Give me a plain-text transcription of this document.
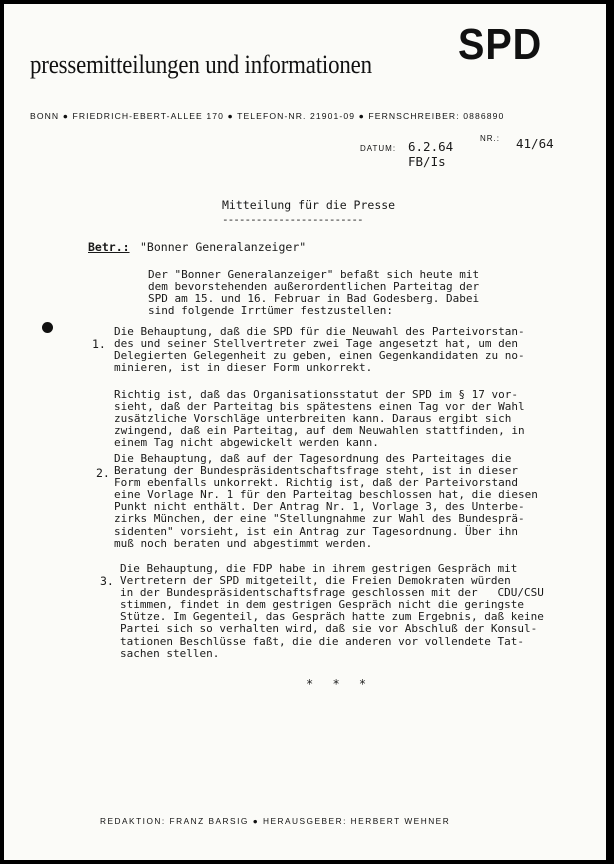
SPD
pressemitteilungen und informationen
BONN ● FRIEDRICH-EBERT-ALLEE 170 ● TELEFON-NR. 21901-09 ● FERNSCHREIBER: 0886890
DATUM: 6.2.64
FB/Is
NR.: 41/64
Mitteilung für die Presse
-------------------------
Betr.: "Bonner Generalanzeiger"
Der "Bonner Generalanzeiger" befaßt sich heute mit
dem bevorstehenden außerordentlichen Parteitag der
SPD am 15. und 16. Februar in Bad Godesberg. Dabei
sind folgende Irrtümer festzustellen:
1.
Die Behauptung, daß die SPD für die Neuwahl des Parteivorstan-
des und seiner Stellvertreter zwei Tage angesetzt hat, um den
Delegierten Gelegenheit zu geben, einen Gegenkandidaten zu no-
minieren, ist in dieser Form unkorrekt.
Richtig ist, daß das Organisationsstatut der SPD im § 17 vor-
sieht, daß der Parteitag bis spätestens einen Tag vor der Wahl
zusätzliche Vorschläge unterbreiten kann. Daraus ergibt sich
zwingend, daß ein Parteitag, auf dem Neuwahlen stattfinden, in
einem Tag nicht abgewickelt werden kann.
2.
Die Behauptung, daß auf der Tagesordnung des Parteitages die
Beratung der Bundespräsidentschaftsfrage steht, ist in dieser
Form ebenfalls unkorrekt. Richtig ist, daß der Parteivorstand
eine Vorlage Nr. 1 für den Parteitag beschlossen hat, die diesen
Punkt nicht enthält. Der Antrag Nr. 1, Vorlage 3, des Unterbe-
zirks München, der eine "Stellungnahme zur Wahl des Bundesprä-
sidenten" vorsieht, ist ein Antrag zur Tagesordnung. Über ihn
muß noch beraten und abgestimmt werden.
3.
Die Behauptung, die FDP habe in ihrem gestrigen Gespräch mit
Vertretern der SPD mitgeteilt, die Freien Demokraten würden
in der Bundespräsidentschaftsfrage geschlossen mit der   CDU/CSU
stimmen, findet in dem gestrigen Gespräch nicht die geringste
Stütze. Im Gegenteil, das Gespräch hatte zum Ergebnis, daß keine
Partei sich so verhalten wird, daß sie vor Abschluß der Konsul-
tationen Beschlüsse faßt, die die anderen vor vollendete Tat-
sachen stellen.
* * *
REDAKTION: FRANZ BARSIG ● HERAUSGEBER: HERBERT WEHNER
